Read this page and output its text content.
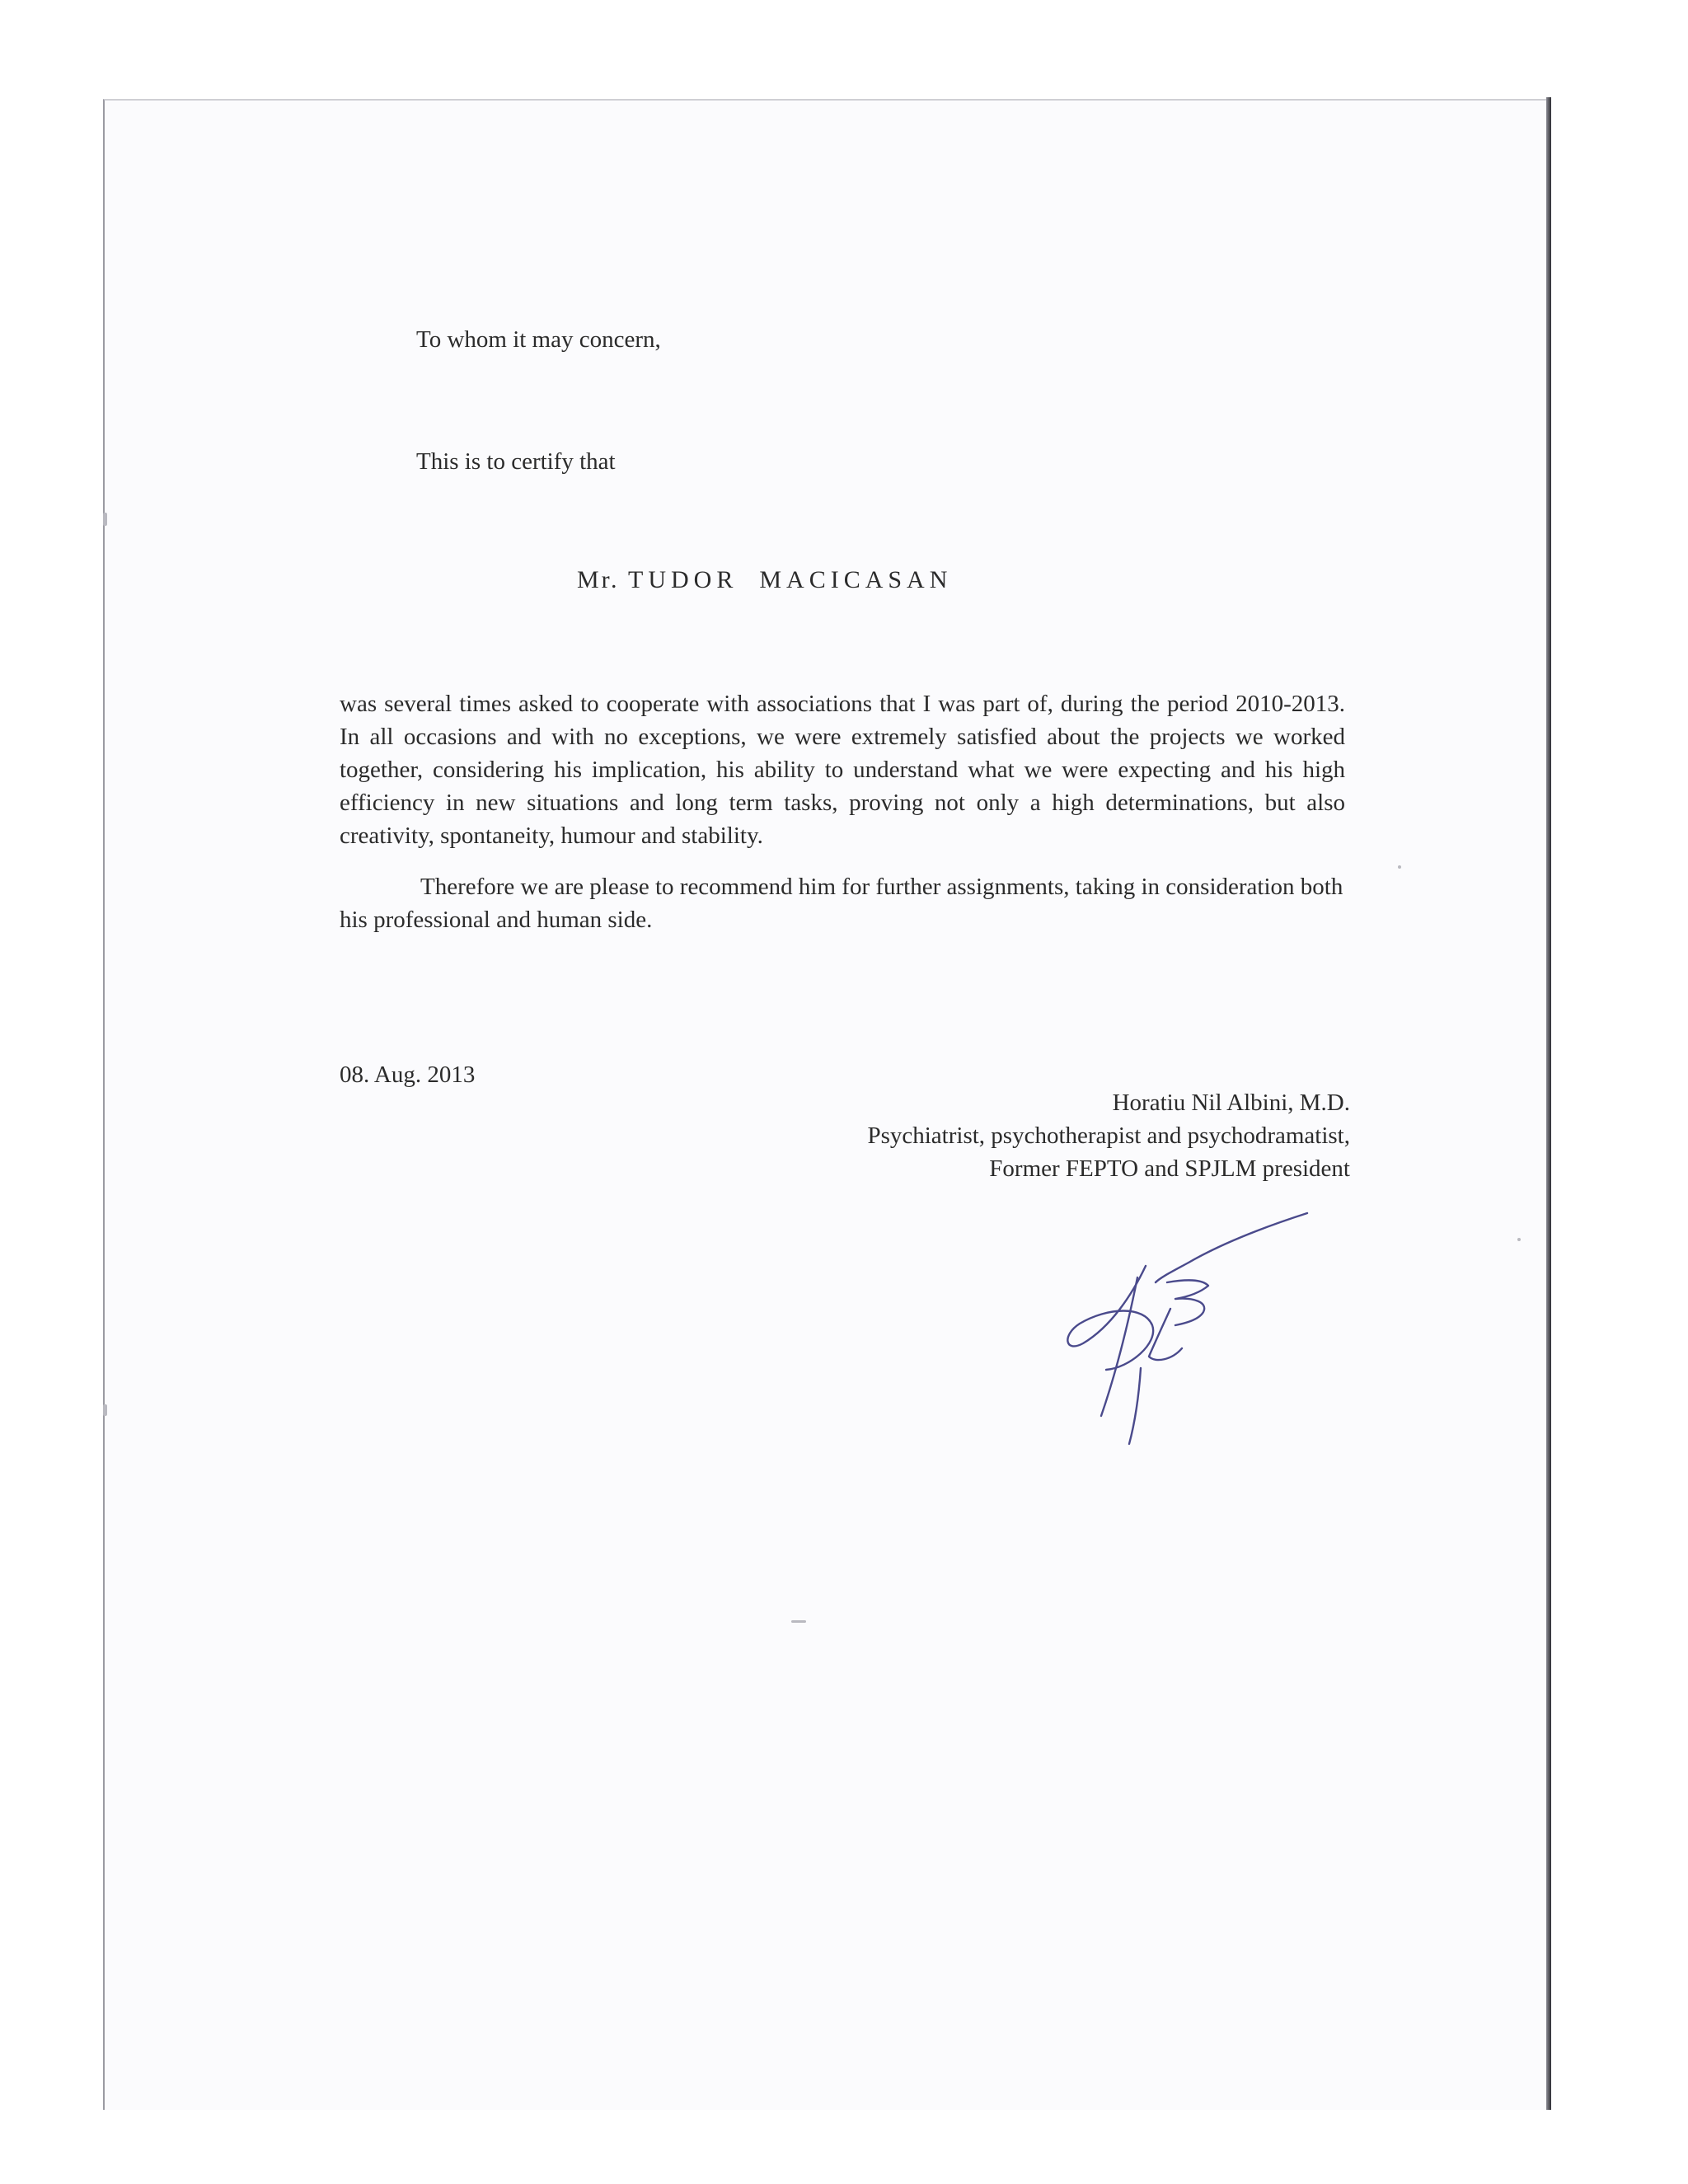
To whom it may concern,
This is to certify that
Mr. TUDOR MACICASAN
was several times asked to cooperate with associations that I was part of, during the period 2010-2013. In all occasions and with no exceptions, we were extremely satisfied about the projects we worked together, considering his implication, his ability to understand what we were expecting and his high efficiency in new situations and long term tasks, proving not only a high determinations, but also creativity, spontaneity, humour and stability.
Therefore we are please to recommend him for further assignments, taking in consideration both his professional and human side.
08. Aug. 2013
Horatiu Nil Albini, M.D.
Psychiatrist, psychotherapist and psychodramatist,
Former FEPTO and SPJLM president
